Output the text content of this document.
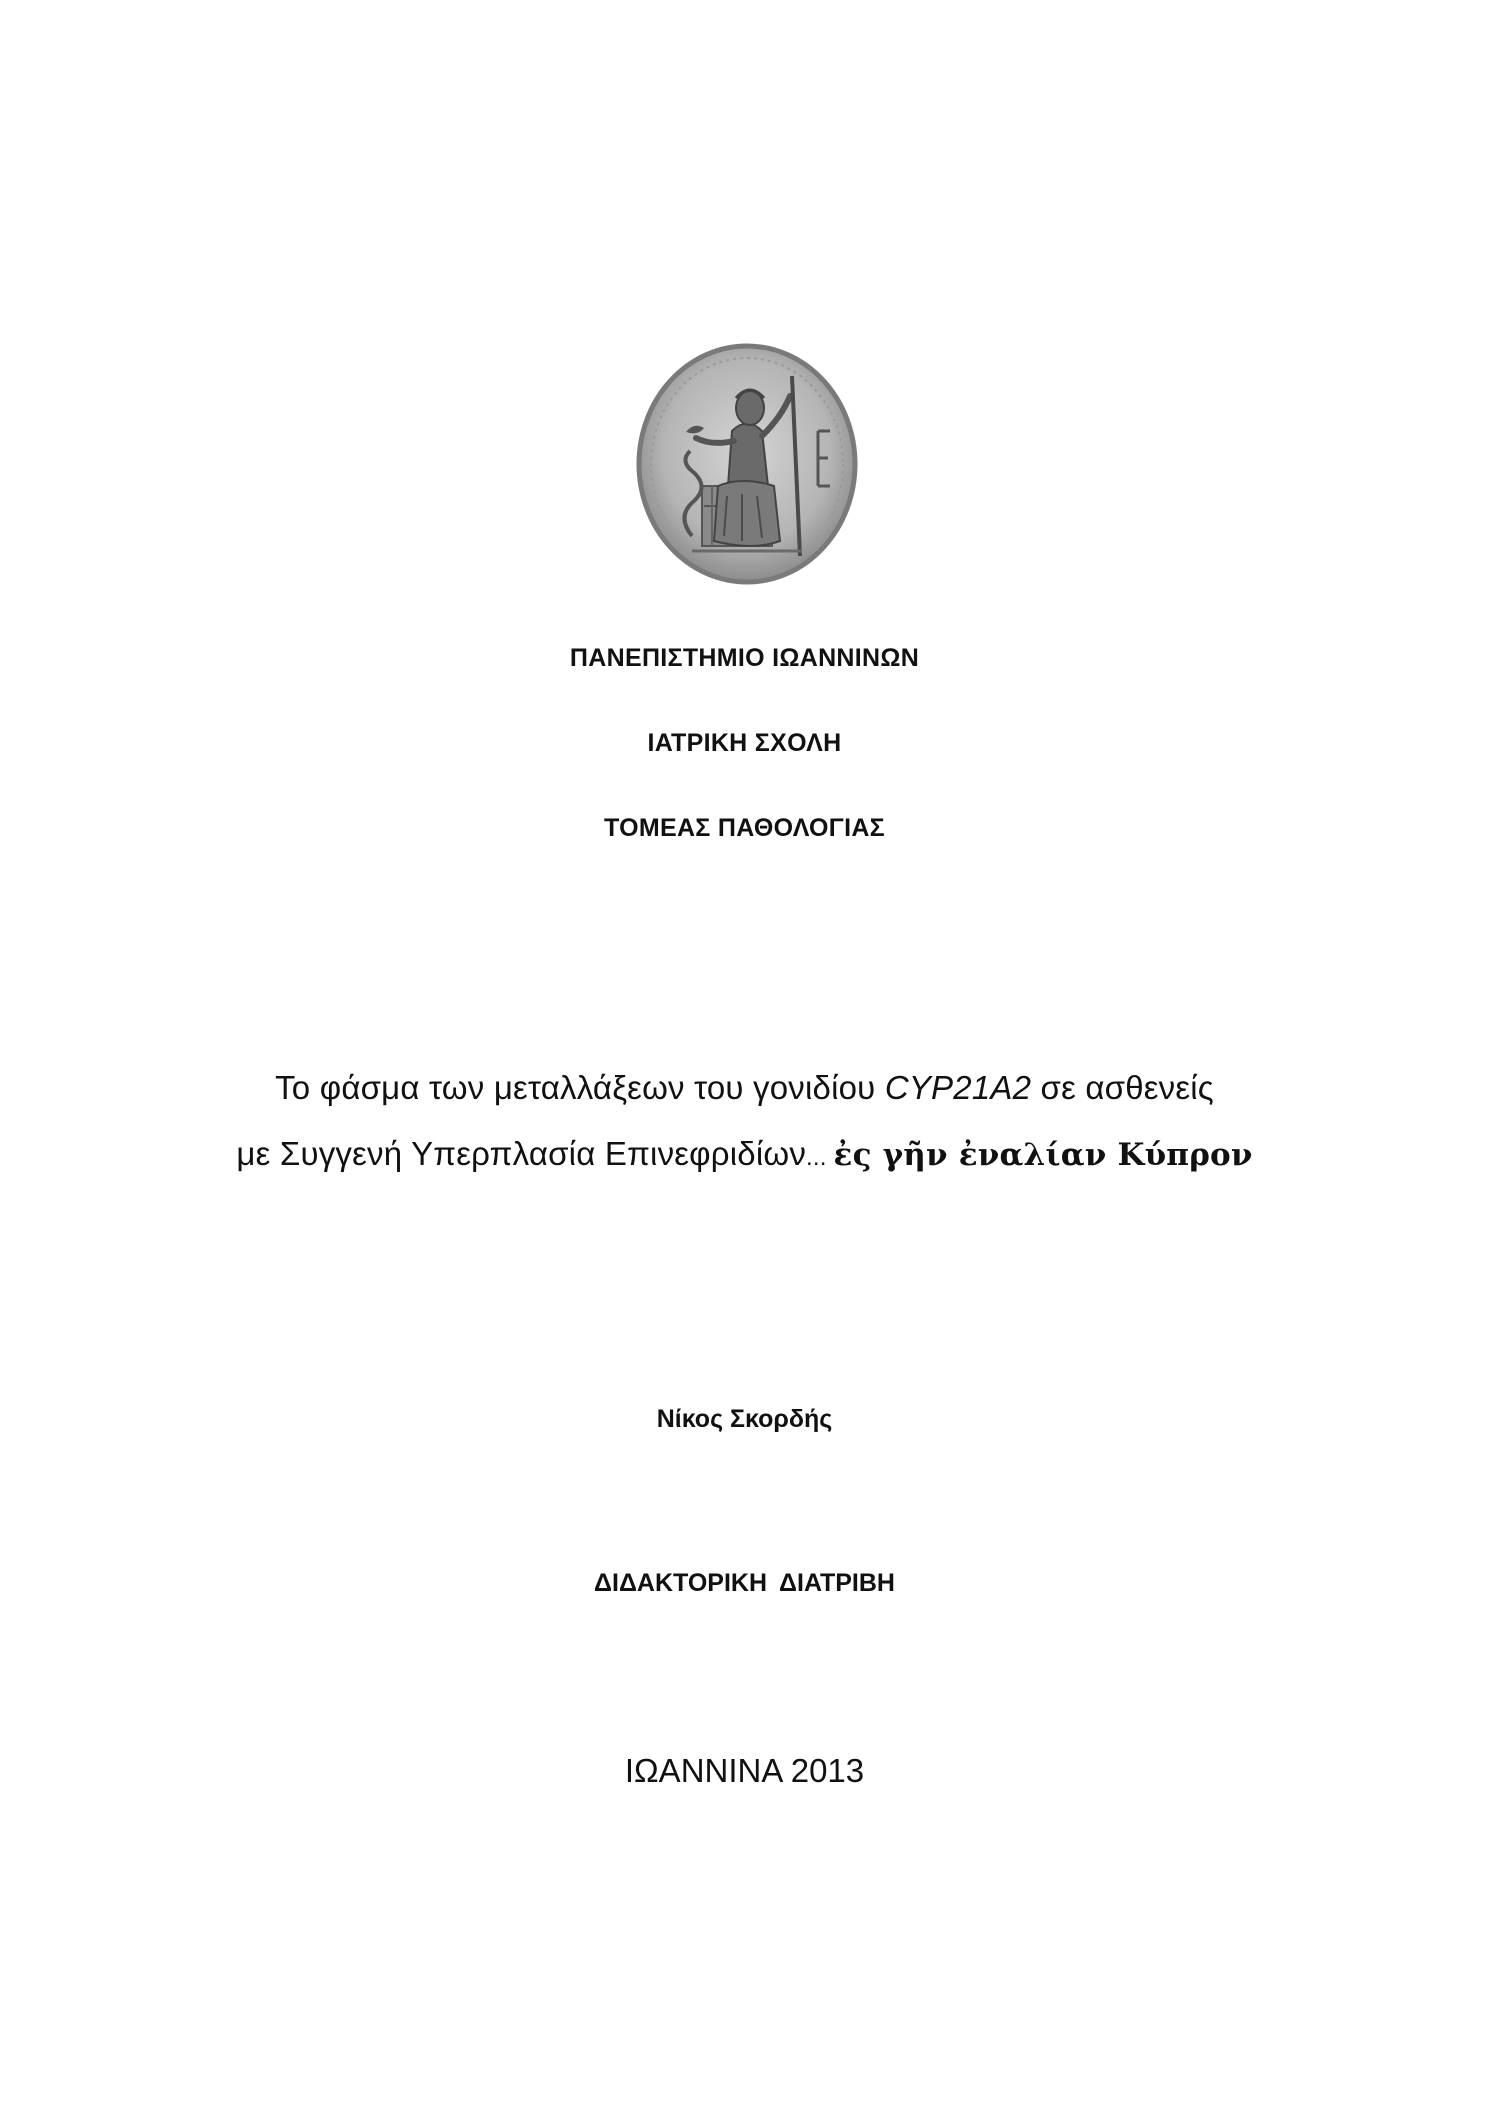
ΠΑΝΕΠΙΣΤΗΜΙΟ ΙΩΑΝΝΙΝΩΝ
ΙΑΤΡΙΚΗ ΣΧΟΛΗ
ΤΟΜΕΑΣ ΠΑΘΟΛΟΓΙΑΣ
Το φάσμα των μεταλλάξεων του γονιδίου CYP21A2 σε ασθενείς
με Συγγενή Υπερπλασία Επινεφριδίων... ἐς γῆν ἐναλίαν Κύπρον
Νίκος Σκορδής
ΔΙΔΑΚΤΟΡΙΚΗ ΔΙΑΤΡΙΒΗ
ΙΩΑΝΝΙΝΑ 2013
